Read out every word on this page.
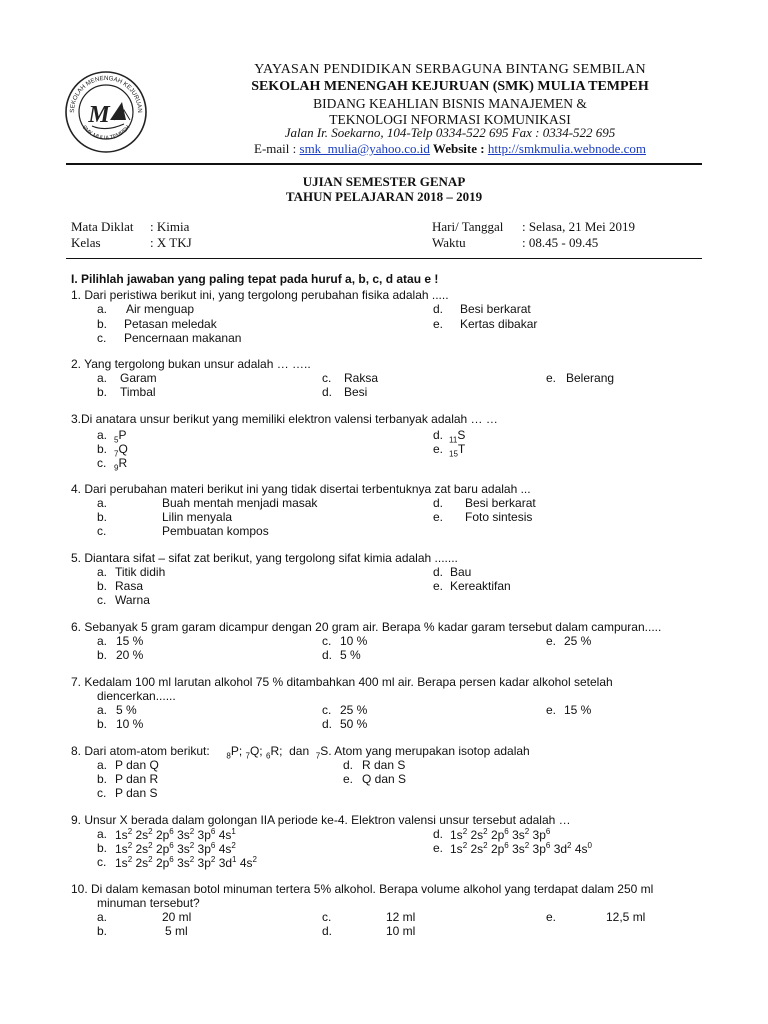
SEKOLAH MENENGAH KEJURUAN
SMK MULIA TEMPEH
M
YAYASAN PENDIDIKAN SERBAGUNA BINTANG SEMBILAN
SEKOLAH MENENGAH KEJURUAN (SMK) MULIA TEMPEH
BIDANG KEAHLIAN BISNIS MANAJEMEN &
TEKNOLOGI NFORMASI KOMUNIKASI
Jalan Ir. Soekarno, 104-Telp 0334-522 695 Fax : 0334-522 695
E-mail : smk_mulia@yahoo.co.id Website : http://smkmulia.webnode.com
UJIAN SEMESTER GENAP
TAHUN PELAJARAN 2018 – 2019
Mata Diklat : Kimia
Kelas	: X TKJ
Hari/ Tanggal : Selasa, 21 Mei 2019
Waktu	: 08.45 - 09.45
I. Pilihlah jawaban yang paling tepat pada huruf a, b, c, d atau e !
1. Dari peristiwa berikut ini, yang tergolong perubahan fisika adalah .....
a. Air menguap
b. Petasan meledak
c. Pencernaan makanan
d. Besi berkarat
e. Kertas dibakar
2. Yang tergolong bukan unsur adalah … …..
a. Garam
b. Timbal
c. Raksa
d. Besi
e. Belerang
3.Di anatara unsur berikut yang memiliki elektron valensi terbanyak adalah … …
a. $_5$P
b. $_7$Q
c. $_9$R
d. $_{11}$S
e. $_{15}$T
4. Dari perubahan materi berikut ini yang tidak disertai terbentuknya zat baru adalah ...
a.	Buah mentah menjadi masak
b.	Lilin menyala
c.	Pembuatan kompos
d. Besi berkarat
e. Foto sintesis
5. Diantara sifat – sifat zat berikut, yang tergolong sifat kimia adalah .......
a. Titik didih
b. Rasa
c. Warna
d. Bau
e. Kereaktifan
6. Sebanyak 5 gram garam dicampur dengan 20 gram air. Berapa % kadar garam tersebut dalam campuran.....
a. 15 %
b. 20 %
c. 10 %
d. 5 %
e. 25 %
7. Kedalam 100 ml larutan alkohol 75 % ditambahkan 400 ml air. Berapa persen kadar alkohol setelah
diencerkan......
a. 5 %
b. 10 %
c. 25 %
d. 50 %
e. 15 %
8. Dari atom-atom berikut: $_8$P; $_7$Q; $_6$R;  dan  $_7$S. Atom yang merupakan isotop adalah
a. P dan Q
b. P dan R
c. P dan S
d. R dan S
e. Q dan S
9. Unsur X berada dalam golongan IIA periode ke-4. Elektron valensi unsur tersebut adalah …
a. $1s^2$ $2s^2$ $2p^6$ $3s^2$ $3p^6$ $4s^1$
b. $1s^2$ $2s^2$ $2p^6$ $3s^2$ $3p^6$ $4s^2$
c. $1s^2$ $2s^2$ $2p^6$ $3s^2$ $3p^2$ $3d^1$ $4s^2$
d. $1s^2$ $2s^2$ $2p^6$ $3s^2$ $3p^6$
e. $1s^2$ $2s^2$ $2p^6$ $3s^2$ $3p^6$ $3d^2$ $4s^0$
10. Di dalam kemasan botol minuman tertera 5% alkohol. Berapa volume alkohol yang terdapat dalam 250 ml
minuman tersebut?
a.	20 ml
b.	5 ml
c.	12 ml
d.	10 ml
e.	12,5 ml
